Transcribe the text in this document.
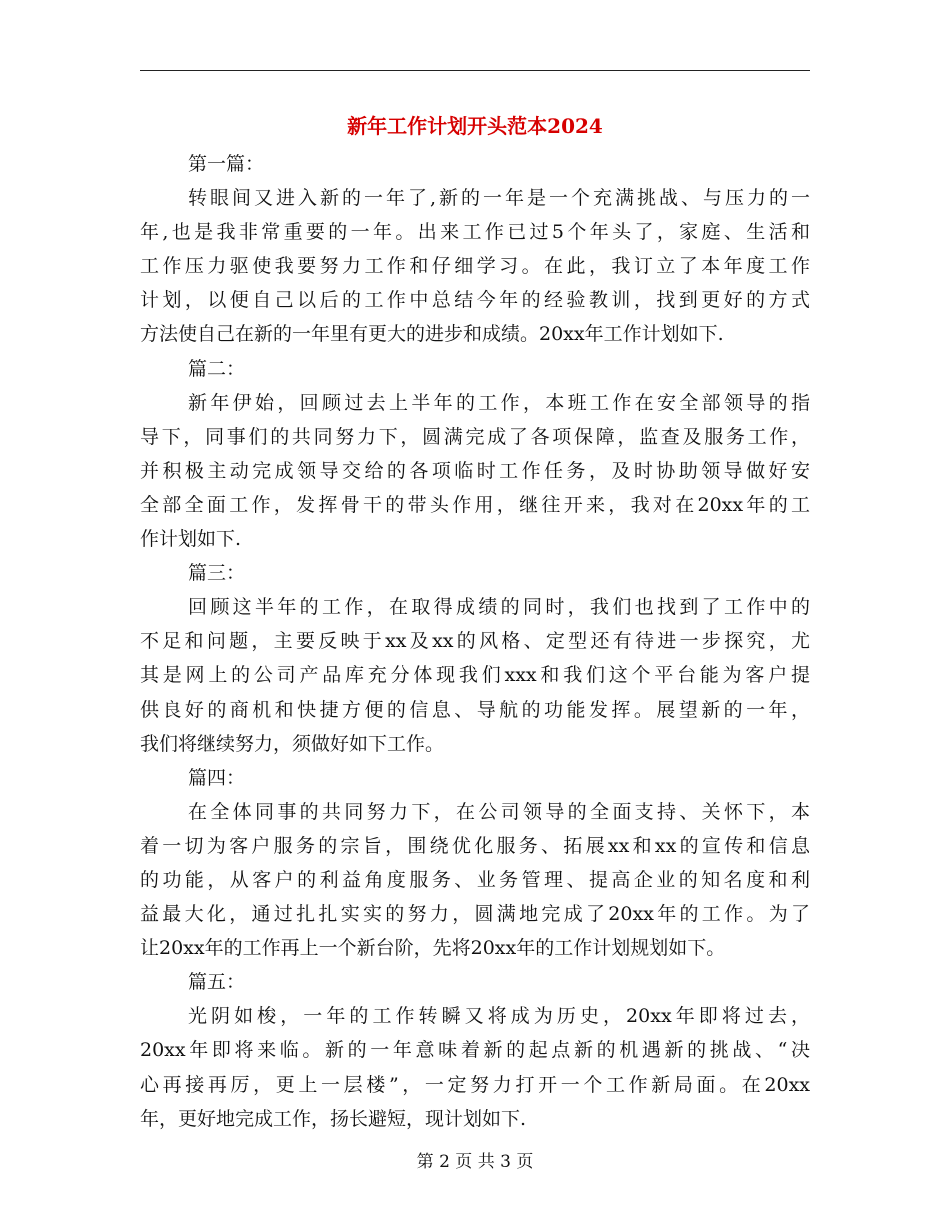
新年工作计划开头范本2024
第一篇：
转眼间又进入新的一年了,新的一年是一个充满挑战、与压力的一
年,也是我非常重要的一年。出来工作已过5个年头了，家庭、生活和
工作压力驱使我要努力工作和仔细学习。在此，我订立了本年度工作
计划，以便自己以后的工作中总结今年的经验教训，找到更好的方式
方法使自己在新的一年里有更大的进步和成绩。20xx年工作计划如下.
篇二：
新年伊始，回顾过去上半年的工作，本班工作在安全部领导的指
导下，同事们的共同努力下，圆满完成了各项保障，监查及服务工作，
并积极主动完成领导交给的各项临时工作任务，及时协助领导做好安
全部全面工作，发挥骨干的带头作用，继往开来，我对在20xx年的工
作计划如下.
篇三：
回顾这半年的工作，在取得成绩的同时，我们也找到了工作中的
不足和问题，主要反映于xx及xx的风格、定型还有待进一步探究，尤
其是网上的公司产品库充分体现我们xxx和我们这个平台能为客户提
供良好的商机和快捷方便的信息、导航的功能发挥。展望新的一年，
我们将继续努力，须做好如下工作。
篇四：
在全体同事的共同努力下，在公司领导的全面支持、关怀下，本
着一切为客户服务的宗旨，围绕优化服务、拓展xx和xx的宣传和信息
的功能，从客户的利益角度服务、业务管理、提高企业的知名度和利
益最大化，通过扎扎实实的努力，圆满地完成了20xx年的工作。为了
让20xx年的工作再上一个新台阶，先将20xx年的工作计划规划如下。
篇五：
光阴如梭，一年的工作转瞬又将成为历史，20xx年即将过去，
20xx年即将来临。新的一年意味着新的起点新的机遇新的挑战、“决
心再接再厉，更上一层楼”，一定努力打开一个工作新局面。在20xx
年，更好地完成工作，扬长避短，现计划如下.
第 2 页 共 3 页
